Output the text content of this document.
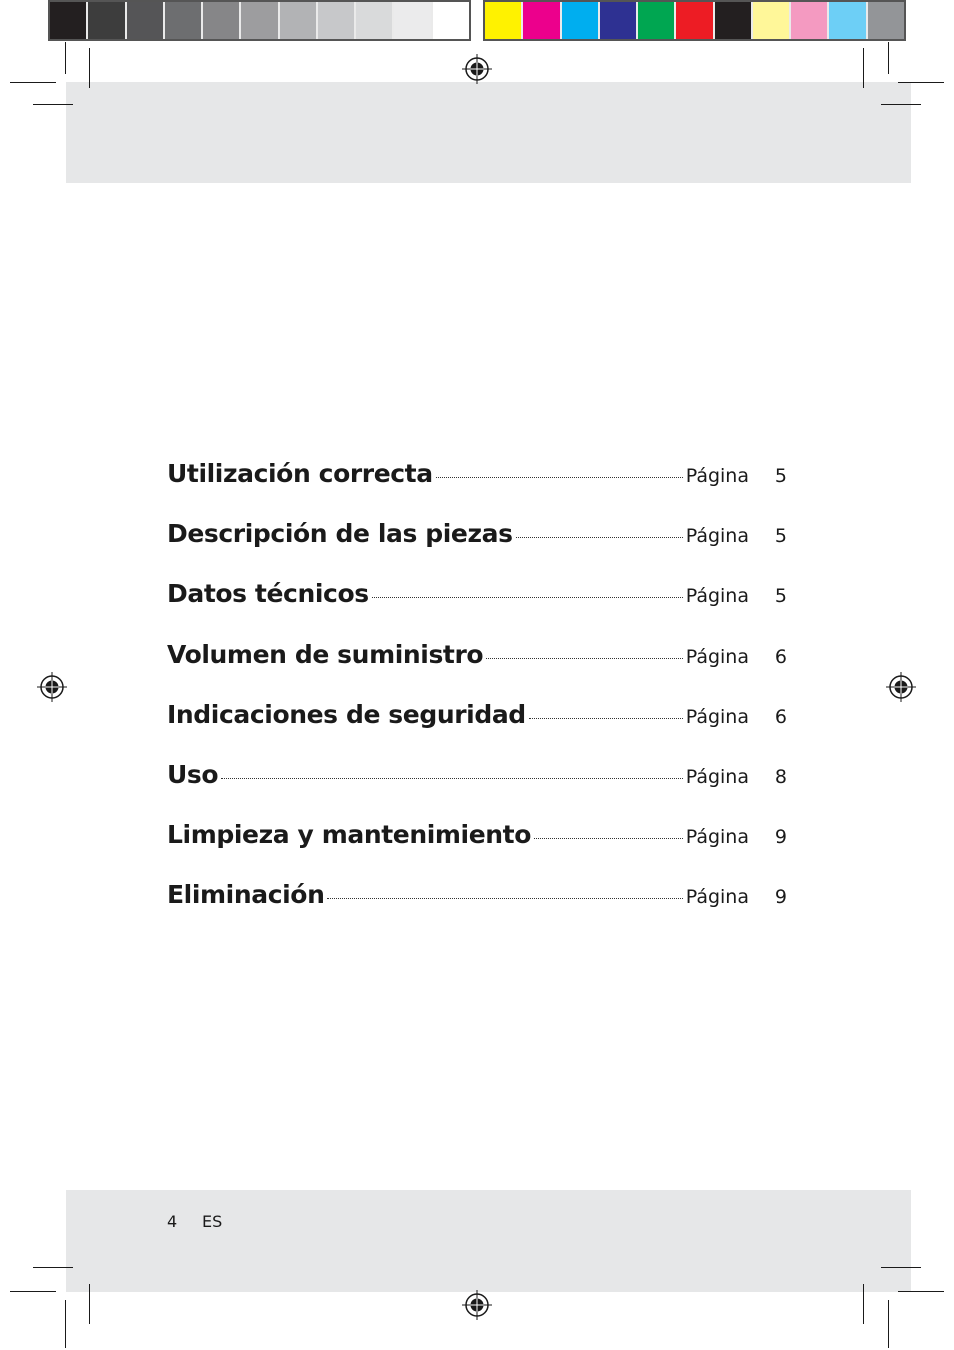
Utilización correcta	Página	5
Descripción de las piezas	Página	5
Datos técnicos	Página	5
Volumen de suministro	Página	6
Indicaciones de seguridad	Página	6
Uso	Página	8
Limpieza y mantenimiento	Página	9
Eliminación	Página	9
4 ES
